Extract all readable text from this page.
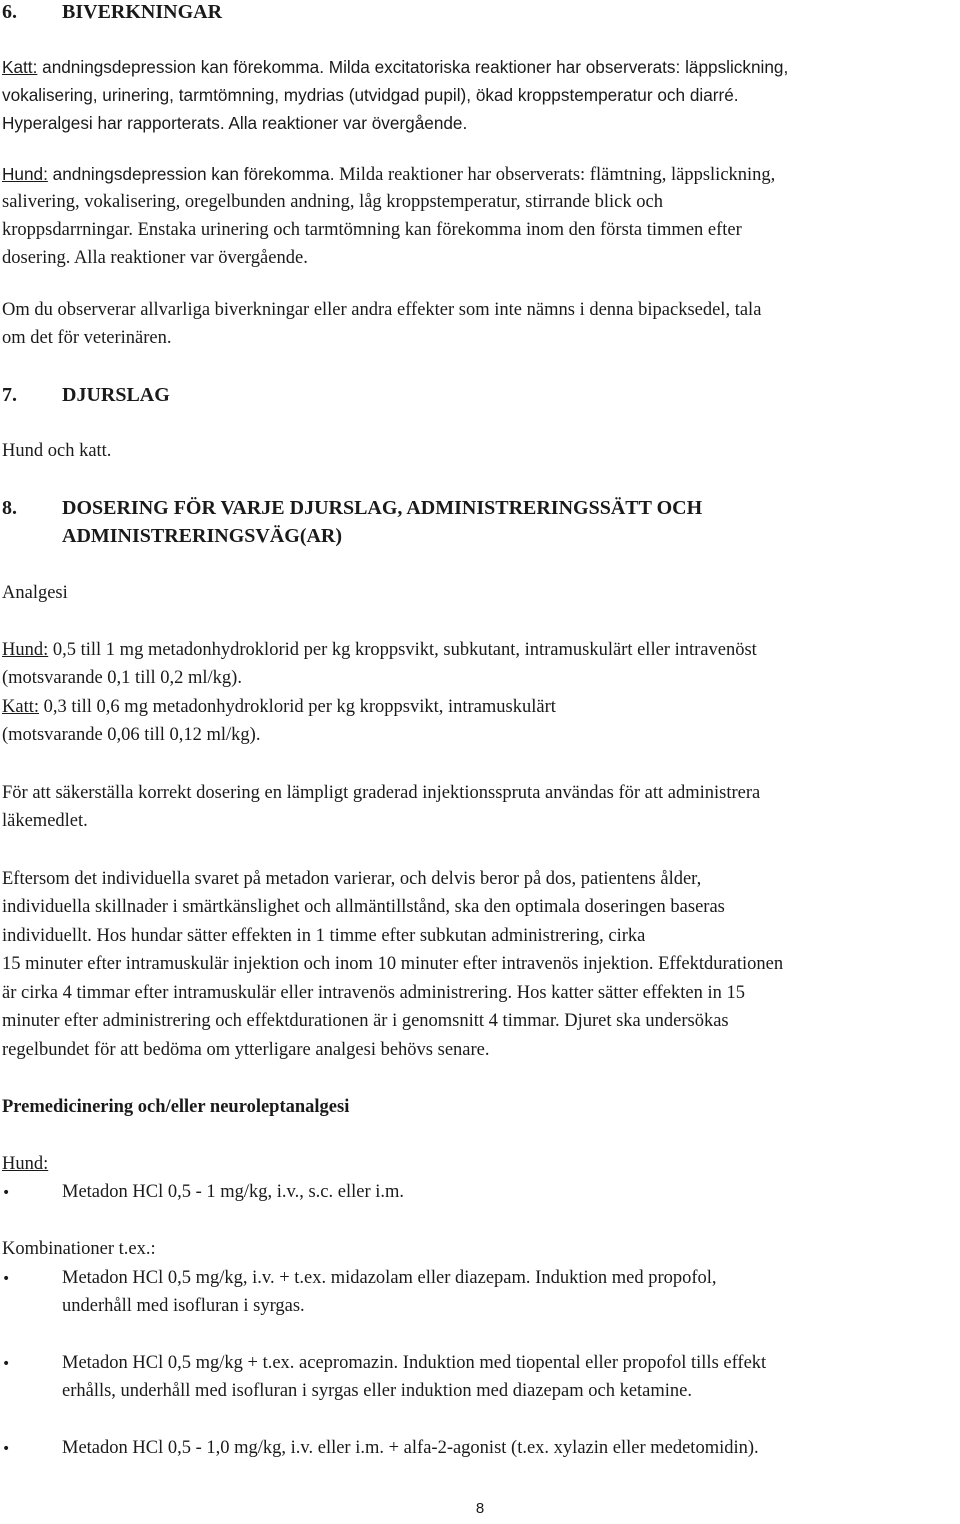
6. BIVERKNINGAR
Katt: andningsdepression kan förekomma. Milda excitatoriska reaktioner har observerats: läppslickning,
vokalisering, urinering, tarmtömning, mydrias (utvidgad pupil), ökad kroppstemperatur och diarré.
Hyperalgesi har rapporterats. Alla reaktioner var övergående.
Hund: andningsdepression kan förekomma. Milda reaktioner har observerats: flämtning, läppslickning,
salivering, vokalisering, oregelbunden andning, låg kroppstemperatur, stirrande blick och
kroppsdarrningar. Enstaka urinering och tarmtömning kan förekomma inom den första timmen efter
dosering. Alla reaktioner var övergående.
Om du observerar allvarliga biverkningar eller andra effekter som inte nämns i denna bipacksedel, tala
om det för veterinären.
7. DJURSLAG
Hund och katt.
8. DOSERING FÖR VARJE DJURSLAG, ADMINISTRERINGSSÄTT OCH
ADMINISTRERINGSVÄG(AR)
Analgesi
Hund: 0,5 till 1 mg metadonhydroklorid per kg kroppsvikt, subkutant, intramuskulärt eller intravenöst
(motsvarande 0,1 till 0,2 ml/kg).
Katt: 0,3 till 0,6 mg metadonhydroklorid per kg kroppsvikt, intramuskulärt
(motsvarande 0,06 till 0,12 ml/kg).
För att säkerställa korrekt dosering en lämpligt graderad injektionsspruta användas för att administrera
läkemedlet.
Eftersom det individuella svaret på metadon varierar, och delvis beror på dos, patientens ålder,
individuella skillnader i smärtkänslighet och allmäntillstånd, ska den optimala doseringen baseras
individuellt. Hos hundar sätter effekten in 1 timme efter subkutan administrering, cirka
15 minuter efter intramuskulär injektion och inom 10 minuter efter intravenös injektion. Effektdurationen
är cirka 4 timmar efter intramuskulär eller intravenös administrering. Hos katter sätter effekten in 15
minuter efter administrering och effektdurationen är i genomsnitt 4 timmar. Djuret ska undersökas
regelbundet för att bedöma om ytterligare analgesi behövs senare.
Premedicinering och/eller neuroleptanalgesi
Hund:
•	Metadon HCl 0,5 - 1 mg/kg, i.v., s.c. eller i.m.
Kombinationer t.ex.:
•	Metadon HCl 0,5 mg/kg, i.v. + t.ex. midazolam eller diazepam. Induktion med propofol,
underhåll med isofluran i syrgas.
•	Metadon HCl 0,5 mg/kg + t.ex. acepromazin. Induktion med tiopental eller propofol tills effekt
erhålls, underhåll med isofluran i syrgas eller induktion med diazepam och ketamine.
•	Metadon HCl 0,5 - 1,0 mg/kg, i.v. eller i.m. + alfa-2-agonist (t.ex. xylazin eller medetomidin).
8
